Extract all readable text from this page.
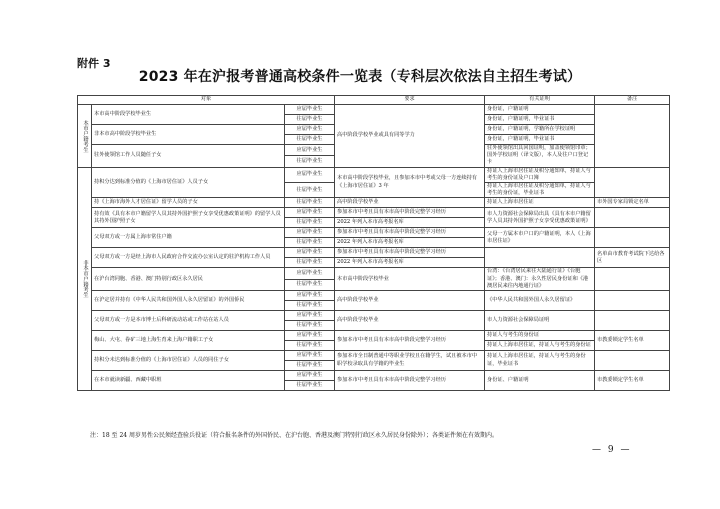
附件 3
2023 年在沪报考普通高校条件一览表（专科层次依法自主招生考试）
对象			要求	有关证明	备注
本市户籍考生	本市高中阶段学校毕业生	应届毕业生	高中阶段学校毕业或具有同等学力	身份证，户籍证明	
		往届毕业生		身份证，户籍证明，毕业证书	
	非本市高中阶段学校毕业生	应届毕业生		身份证，户籍证明，学籍所在学校证明	
		往届毕业生		身份证，户籍证明，毕业证书	
	驻外使领馆工作人员随任子女	应届毕业生		驻外使领馆出具回国证明，加盖使领馆印章；国外学校证明（译文版），本人及往户口登记卡	
		往届毕业生			
非本市户籍考生	持积分达到标准分值的《上海市居住证》人员子女	应届毕业生	本市高中阶段学校毕业，且参加本市中考或父母一方连续持有《上海市居住证》3 年	持证人上海市居住证及积分通知单，持证人与考生的身份证及户口簿	
		往届毕业生		持证人上海市居住证及积分通知单，持证人与考生的身份证，毕业证书	
	持《上海市海外人才居住证》留学人员的子女	往届毕业生	高中阶段学校毕业	持证人上海市居住证	市外国专家局锁定名单
	持有效《具有本市户籍留学人员其持外国护照子女享受优惠政策证明》的留学人员其持外国护照子女	应届毕业生	参加本市中考且具有本市高中阶段完整学习经历	市人力资源社会保障局出具《具有本市户籍留学人员其持外国护照子女享受优惠政策证明》	
		往届毕业生	2022 年列入本市高考报名库		
	父母双方或一方属上海市常住户籍	应届毕业生	参加本市中考且具有本市高中阶段完整学习经历	父母一方属本市户口的户籍证明，本人《上海市居住证》	
		往届毕业生	2022 年列入本市高考报名库		
	父母双方或一方是经上海市人民政府合作交流办公室认定的驻沪机构工作人员	应届毕业生	参加本市中考且具有本市高中阶段完整学习经历		名单由市教育考试院下达给各区
		往届毕业生	2022 年列入本市高考报名库		
	在沪台湾同胞、香港、澳门特别行政区永久居民	应届毕业生	本市高中阶段学校毕业	台湾：《台湾居民来往大陆通行证》《台胞证》；香港、澳门：永久性居民身份证和《港澳居民来往内地通行证》	
		往届毕业生			
	在沪定居并持有《中华人民共和国外国人永久居留证》的外国侨民	应届毕业生	高中阶段学校毕业	《中华人民共和国外国人永久居留证》	
		往届毕业生			
	父母双方或一方是本市博士后科研流动站或工作站在站人员	应届毕业生	高中阶段学校毕业	市人力资源社会保障局证明	
		往届毕业生			
	梅山、大屯、眷矿三地上海生育来上海户籍职工子女	应届毕业生	参加本市中考且具有本市高中阶段完整学习经历	持证人与考生的身份证	市教委锁定学生名单
		往届毕业生		持证人上海市居住证，持证人与考生的身份证	
	持积分未达到标准分值的《上海市居住证》人员的同住子女	应届毕业生	参加本市全日制普通中等职业学校且在籍学生，试且被本市中职学校录取具有学籍的毕业生	持证人上海市居住证，持证人与考生的身份证，毕业证书	
		往届毕业生			
	在本市就读新疆、西藏中职班	应届毕业生	参加本市中考且具有本市高中阶段完整学习经历	身份证、户籍证明	市教委锁定学生名单
		往届毕业生			
注：18 至 24 周岁男性公民须经查验兵役证（符合报名条件的外国侨民、在沪台胞、香港及澳门特别行政区永久居民身份除外）；各类证件须在有效期内。
— 9 —
